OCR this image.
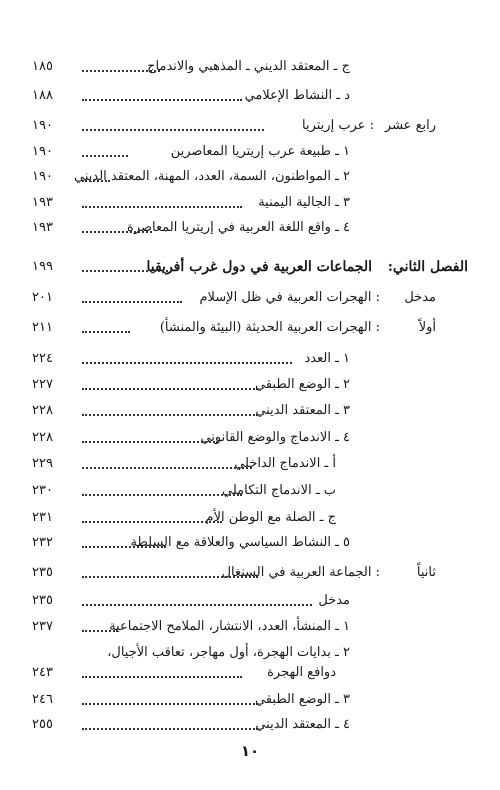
ج ـ المعتقد الديني ـ المذهبي والاندماج
١٨٥
د ـ النشاط الإعلامي
١٨٨
رابع عشر
: عرب إريتريا
١٩٠
١ ـ طبيعة عرب إريتريا المعاصرين
١٩٠
٢ ـ المواطنون، السمة، العدد، المهنة، المعتقد الديني
١٩٠
٣ ـ الجالية اليمنية
١٩٣
٤ ـ واقع اللغة العربية في إريتريا المعاصرة
١٩٣
الفصل الثاني:
الجماعات العربية في دول غرب أفريقيا
١٩٩
مدخل
: الهجرات العربية في ظل الإسلام
٢٠١
أولاً
: الهجرات العربية الحديثة (البيئة والمنشأ)
٢١١
١ ـ العدد
٢٢٤
٢ ـ الوضع الطبقي
٢٢٧
٣ ـ المعتقد الديني
٢٢٨
٤ ـ الاندماج والوضع القانوني
٢٢٨
أ ـ الاندماج الداخلي
٢٢٩
ب ـ الاندماج التكاملي
٢٣٠
ج ـ الصلة مع الوطن الأم
٢٣١
٥ ـ النشاط السياسي والعلاقة مع السلطة
٢٣٢
ثانياً
: الجماعة العربية في السنغال
٢٣٥
مدخل
٢٣٥
١ ـ المنشأ، العدد، الانتشار، الملامح الاجتماعية
٢٣٧
٢ ـ بدايات الهجرة، أول مهاجر، تعاقب الأجيال،
دوافع الهجرة
٢٤٣
٣ ـ الوضع الطبقي
٢٤٦
٤ ـ المعتقد الديني
٢٥٥
١٠
